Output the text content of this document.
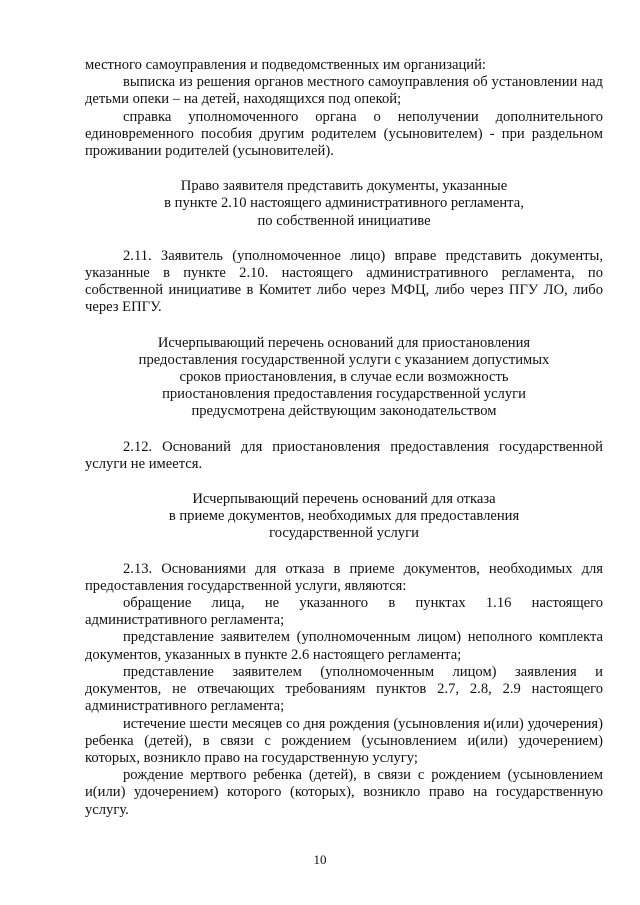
местного самоуправления и подведомственных им организаций:

выписка из решения органов местного самоуправления об установлении над детьми опеки – на детей, находящихся под опекой;

справка уполномоченного органа о неполучении дополнительного единовременного пособия другим родителем (усыновителем) - при раздельном проживании родителей (усыновителей).

Право заявителя представить документы, указанные

в пункте 2.10 настоящего административного регламента,

по собственной инициативе

2.11. Заявитель (уполномоченное лицо) вправе представить документы, указанные в пункте 2.10. настоящего административного регламента, по собственной инициативе в Комитет либо через МФЦ, либо через ПГУ ЛО, либо через ЕПГУ.

Исчерпывающий перечень оснований для приостановления

предоставления государственной услуги с указанием допустимых

сроков приостановления, в случае если возможность

приостановления предоставления государственной услуги

предусмотрена действующим законодательством

2.12. Оснований для приостановления предоставления государственной услуги не имеется.

Исчерпывающий перечень оснований для отказа

в приеме документов, необходимых для предоставления

государственной услуги

2.13. Основаниями для отказа в приеме документов, необходимых для предоставления государственной услуги, являются:

обращение лица, не указанного в пунктах 1.16 настоящего административного регламента;

представление заявителем (уполномоченным лицом) неполного комплекта документов, указанных в пункте 2.6 настоящего регламента;

представление заявителем (уполномоченным лицом) заявления и документов, не отвечающих требованиям пунктов 2.7, 2.8, 2.9 настоящего административного регламента;

истечение шести месяцев со дня рождения (усыновления и(или) удочерения) ребенка (детей), в связи с рождением (усыновлением и(или) удочерением) которых, возникло право на государственную услугу;

рождение мертвого ребенка (детей), в связи с рождением (усыновлением и(или) удочерением) которого (которых), возникло право на государственную услугу.

10
